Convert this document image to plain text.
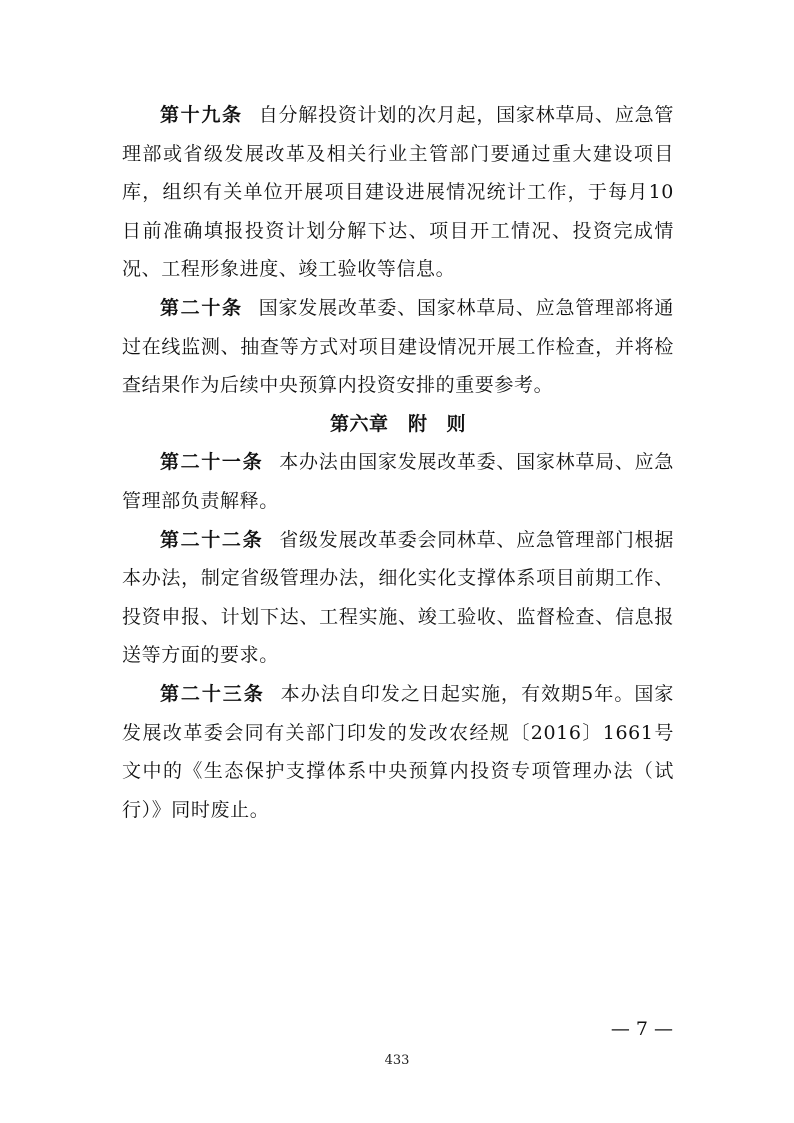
第十九条 自分解投资计划的次月起，国家林草局、应急管理部或省级发展改革及相关行业主管部门要通过重大建设项目库，组织有关单位开展项目建设进展情况统计工作，于每月10日前准确填报投资计划分解下达、项目开工情况、投资完成情况、工程形象进度、竣工验收等信息。

第二十条 国家发展改革委、国家林草局、应急管理部将通过在线监测、抽查等方式对项目建设情况开展工作检查，并将检查结果作为后续中央预算内投资安排的重要参考。

第六章　附 则

第二十一条 本办法由国家发展改革委、国家林草局、应急管理部负责解释。

第二十二条 省级发展改革委会同林草、应急管理部门根据本办法，制定省级管理办法，细化实化支撑体系项目前期工作、投资申报、计划下达、工程实施、竣工验收、监督检查、信息报送等方面的要求。

第二十三条 本办法自印发之日起实施，有效期5年。国家发展改革委会同有关部门印发的发改农经规〔2016〕1661号文中的《生态保护支撑体系中央预算内投资专项管理办法（试行）》同时废止。

— 7 —
433
